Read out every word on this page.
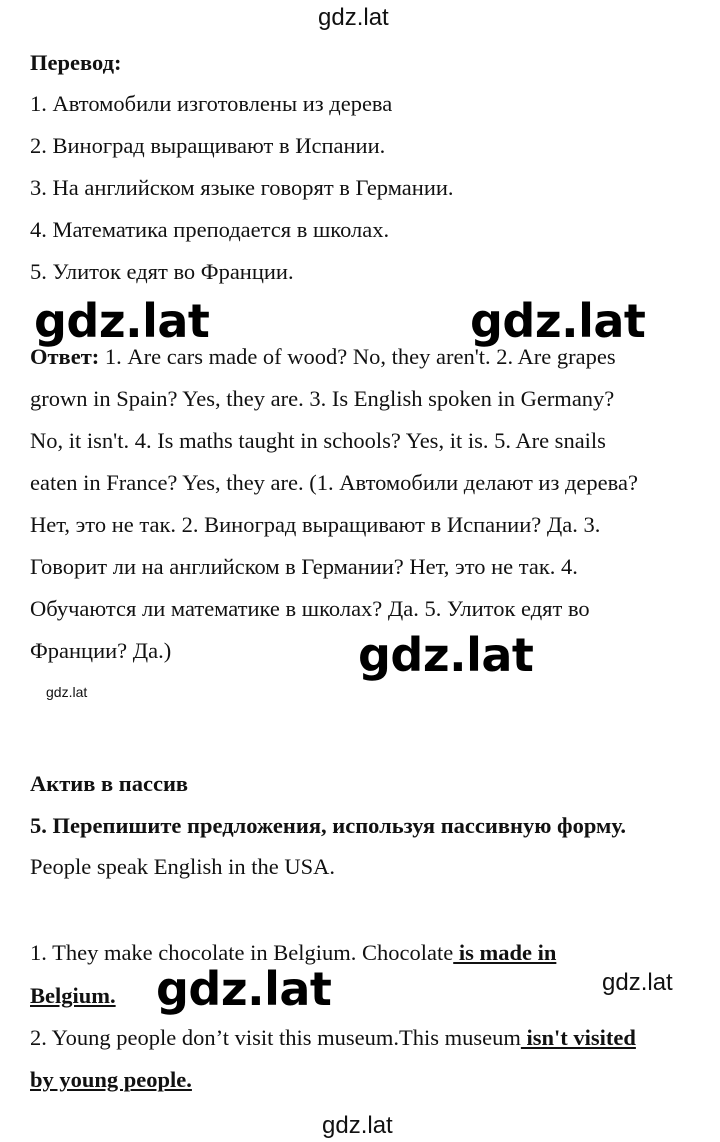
gdz.lat
gdz.lat	gdz.lat
gdz.lat
gdz.lat
gdz.lat
gdz.lat
gdz.lat
Перевод:
1. Автомобили изготовлены из дерева
2. Виноград выращивают в Испании.
3. На английском языке говорят в Германии.
4. Математика преподается в школах.
5. Улиток едят во Франции.
Ответ: 1. Are cars made of wood? No, they aren't. 2. Are grapes
grown in Spain? Yes, they are. 3. Is English spoken in Germany?
No, it isn't. 4. Is maths taught in schools? Yes, it is. 5. Are snails
eaten in France? Yes, they are. (1. Автомобили делают из дерева?
Нет, это не так. 2. Виноград выращивают в Испании? Да. 3.
Говорит ли на английском в Германии? Нет, это не так. 4.
Обучаются ли математике в школах? Да. 5. Улиток едят во
Франции? Да.)
Актив в пассив
5. Перепишите предложения, используя пассивную форму.
People speak English in the USA.
1. They make chocolate in Belgium. Chocolate is made in
Belgium.
2. Young people don’t visit this museum.This museum isn't visited
by young people.
